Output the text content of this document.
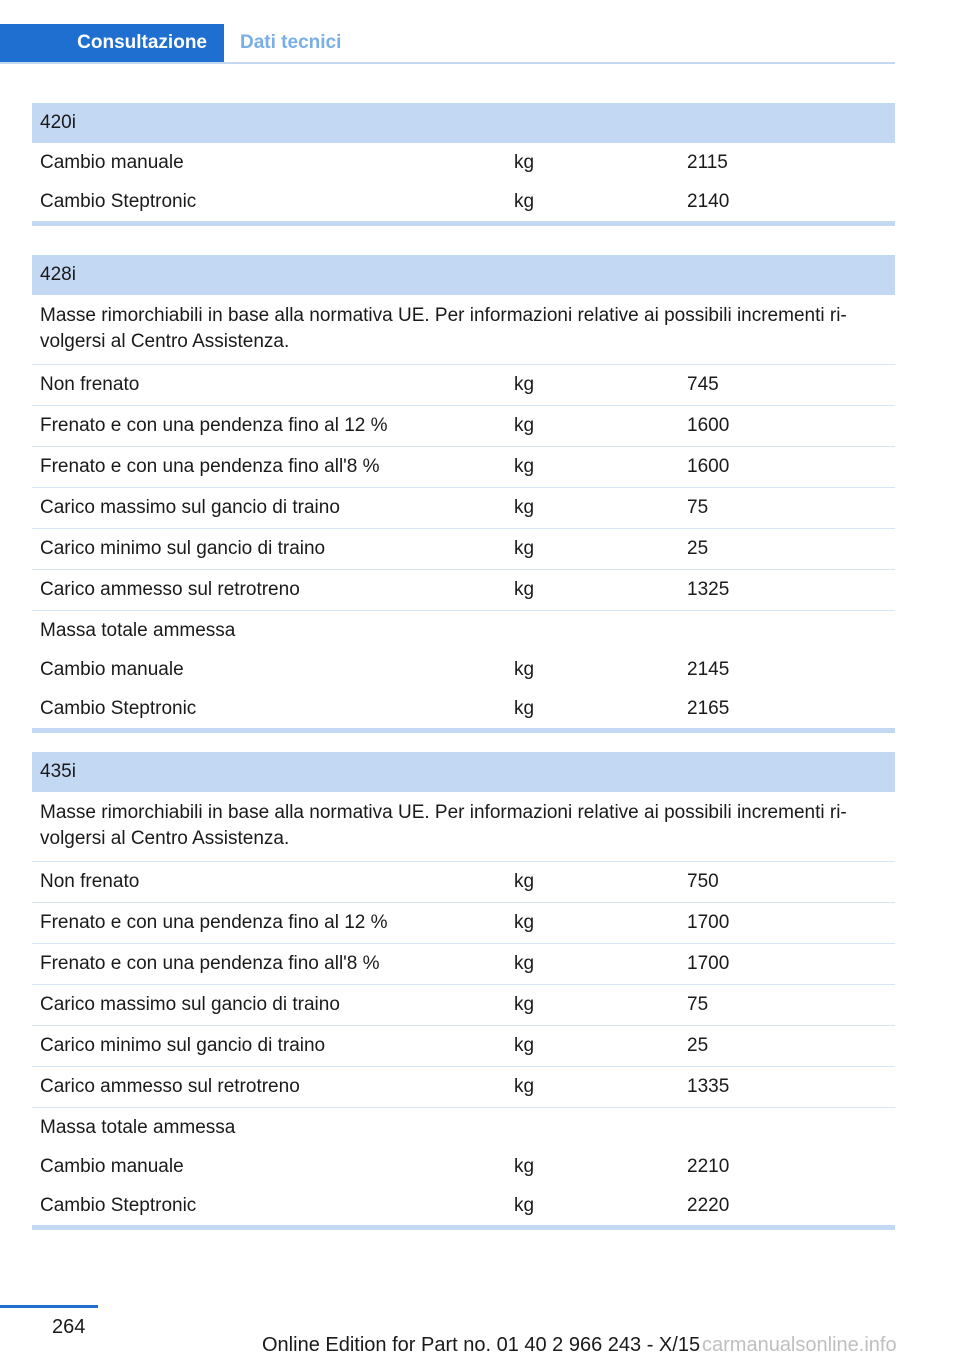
Consultazione	Dati tecnici
420i
Cambio manuale	kg	2115
Cambio Steptronic	kg	2140
428i
Masse rimorchiabili in base alla normativa UE. Per informazioni relative ai possibili incrementi ri-volgersi al Centro Assistenza.
Non frenato	kg	745
Frenato e con una pendenza fino al 12 %	kg	1600
Frenato e con una pendenza fino all'8 %	kg	1600
Carico massimo sul gancio di traino	kg	75
Carico minimo sul gancio di traino	kg	25
Carico ammesso sul retrotreno	kg	1325
Massa totale ammessa
Cambio manuale	kg	2145
Cambio Steptronic	kg	2165
435i
Masse rimorchiabili in base alla normativa UE. Per informazioni relative ai possibili incrementi ri-volgersi al Centro Assistenza.
Non frenato	kg	750
Frenato e con una pendenza fino al 12 %	kg	1700
Frenato e con una pendenza fino all'8 %	kg	1700
Carico massimo sul gancio di traino	kg	75
Carico minimo sul gancio di traino	kg	25
Carico ammesso sul retrotreno	kg	1335
Massa totale ammessa
Cambio manuale	kg	2210
Cambio Steptronic	kg	2220
264
Online Edition for Part no. 01 40 2 966 243 - X/15 carmanualsonline.info
